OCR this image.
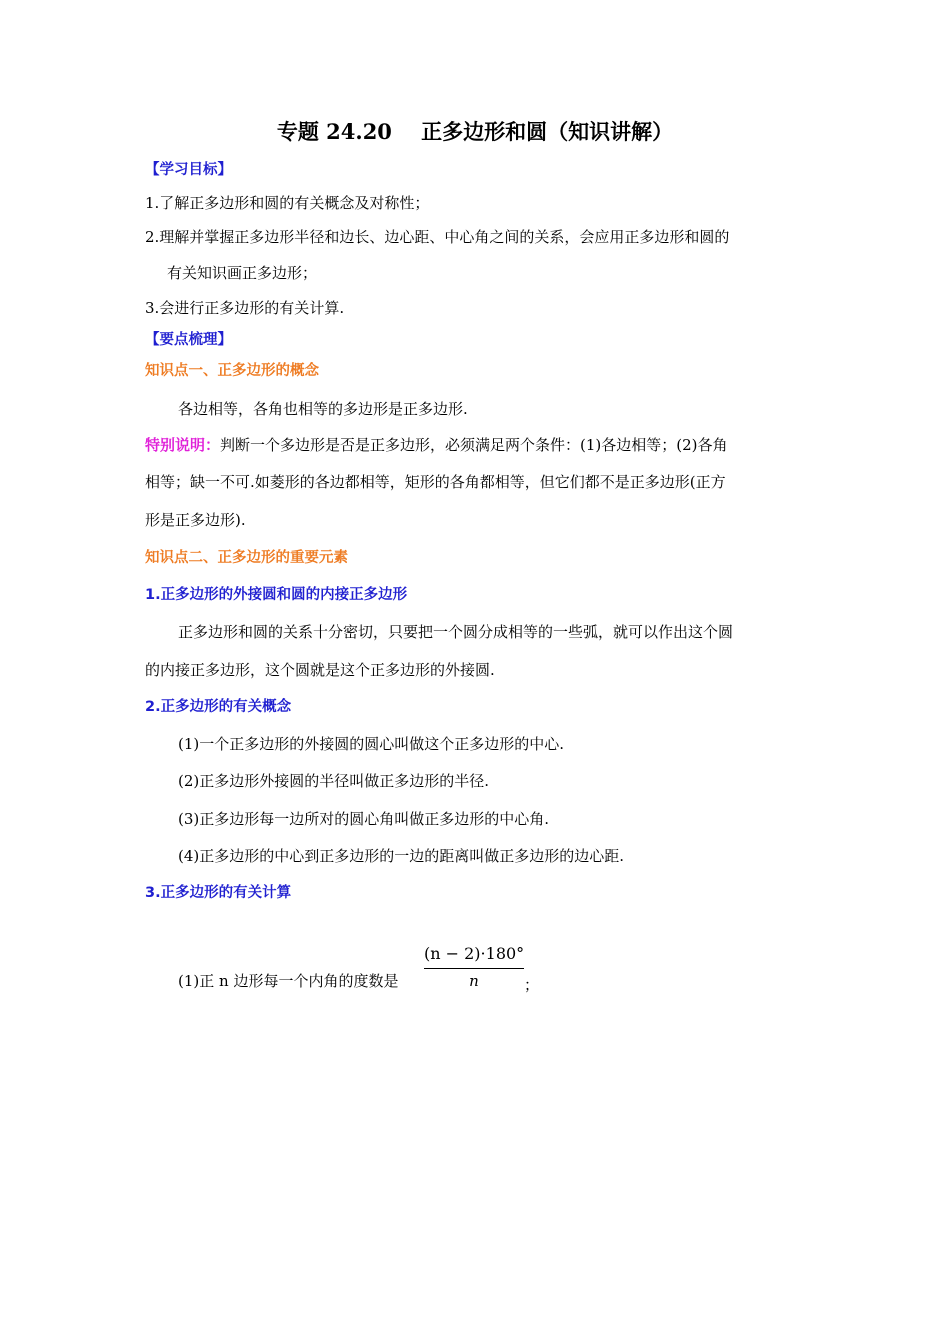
专题 24.20    正多边形和圆（知识讲解）
【学习目标】
1.了解正多边形和圆的有关概念及对称性；
2.理解并掌握正多边形半径和边长、边心距、中心角之间的关系，会应用正多边形和圆的
有关知识画正多边形；
3.会进行正多边形的有关计算.
【要点梳理】
知识点一、正多边形的概念
各边相等，各角也相等的多边形是正多边形.
特别说明：判断一个多边形是否是正多边形，必须满足两个条件：(1)各边相等；(2)各角
相等；缺一不可.如菱形的各边都相等，矩形的各角都相等，但它们都不是正多边形(正方
形是正多边形).
知识点二、正多边形的重要元素
1.正多边形的外接圆和圆的内接正多边形
正多边形和圆的关系十分密切，只要把一个圆分成相等的一些弧，就可以作出这个圆
的内接正多边形，这个圆就是这个正多边形的外接圆.
2.正多边形的有关概念
(1)一个正多边形的外接圆的圆心叫做这个正多边形的中心.
(2)正多边形外接圆的半径叫做正多边形的半径.
(3)正多边形每一边所对的圆心角叫做正多边形的中心角.
(4)正多边形的中心到正多边形的一边的距离叫做正多边形的边心距.
3.正多边形的有关计算
(1)正 n 边形每一个内角的度数是
(n − 2)·180°
n	；
